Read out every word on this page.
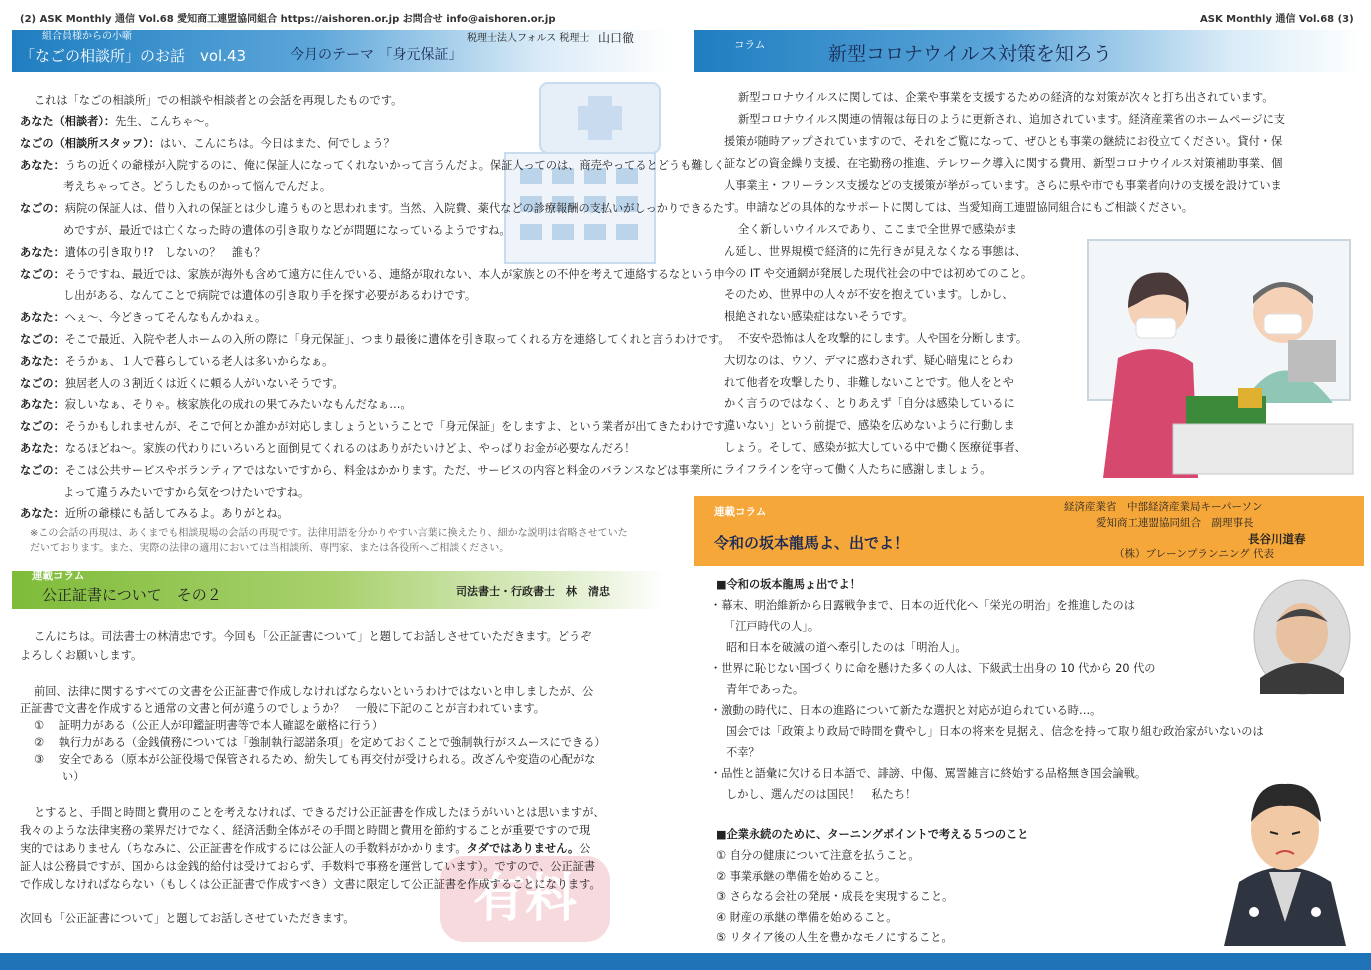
(2) ASK Monthly 通信 Vol.68 愛知商工連盟協同組合 https://aishoren.or.jp お問合せ info@aishoren.or.jp
組合員様からの小噺
「なごの相談所」のお話　vol.43	今月のテーマ 「身元保証」
税理士法人フォルス 税理士 山口徹
これは「なごの相談所」での相談や相談者との会話を再現したものです。
あなた（相談者）：先生、こんちゃ〜。
なごの（相談所スタッフ）：はい、こんにちは。今日はまた、何でしょう？
あなた：うちの近くの爺様が入院するのに、俺に保証人になってくれないかって言うんだよ。保証人ってのは、商売やってるとどうも難しく
考えちゃってさ。どうしたものかって悩んでんだよ。
なごの：病院の保証人は、借り入れの保証とは少し違うものと思われます。当然、入院費、薬代などの診療報酬の支払いがしっかりできるた
めですが、最近では亡くなった時の遺体の引き取りなどが問題になっているようですね。
あなた：遺体の引き取り!?　しないの？　誰も？
なごの：そうですね、最近では、家族が海外も含めて遠方に住んでいる、連絡が取れない、本人が家族との不仲を考えて連絡するなという申
し出がある、なんてことで病院では遺体の引き取り手を探す必要があるわけです。
あなた：へぇ〜、今どきってそんなもんかねぇ。
なごの：そこで最近、入院や老人ホームの入所の際に「身元保証」、つまり最後に遺体を引き取ってくれる方を連絡してくれと言うわけです。
あなた：そうかぁ、１人で暮らしている老人は多いからなぁ。
なごの：独居老人の３割近くは近くに頼る人がいないそうです。
あなた：寂しいなぁ、そりゃ。核家族化の成れの果てみたいなもんだなぁ…。
なごの：そうかもしれませんが、そこで何とか誰かが対応しましょうということで「身元保証」をしますよ、という業者が出てきたわけです。
あなた：なるほどね〜。家族の代わりにいろいろと面倒見てくれるのはありがたいけどよ、やっぱりお金が必要なんだろ！
なごの：そこは公共サービスやボランティアではないですから、料金はかかります。ただ、サービスの内容と料金のバランスなどは事業所に
よって違うみたいですから気をつけたいですね。
あなた：近所の爺様にも話してみるよ。ありがとね。
※この会話の再現は、あくまでも相談現場の会話の再現です。法律用語を分かりやすい言葉に換えたり、細かな説明は省略させていた
だいております。また、実際の法律の適用においては当相談所、専門家、または各役所へご相談ください。
連載コラム
公正証書について　その２	司法書士・行政書士　林　清忠
こんにちは。司法書士の林清忠です。今回も「公正証書について」と題してお話しさせていただきます。どうぞ
よろしくお願いします。
前回、法律に関するすべての文書を公正証書で作成しなければならないというわけではないと申しましたが、公
正証書で文書を作成すると通常の文書と何が違うのでしょうか？　一般に下記のことが言われています。
①　 証明力がある（公正人が印鑑証明書等で本人確認を厳格に行う）
②　 執行力がある（金銭債務については「強制執行認諾条項」を定めておくことで強制執行がスムースにできる）
③　 安全である（原本が公証役場で保管されるため、紛失しても再交付が受けられる。改ざんや変造の心配がな
い）
有料
とすると、手間と時間と費用のことを考えなければ、できるだけ公正証書を作成したほうがいいとは思いますが、
我々のような法律実務の業界だけでなく、経済活動全体がその手間と時間と費用を節約することが重要ですので現
実的ではありません（ちなみに、公正証書を作成するには公証人の手数料がかかります。タダではありません。公
証人は公務員ですが、国からは金銭的給付は受けておらず、手数料で事務を運営しています）。ですので、公正証書
で作成しなければならない（もしくは公正証書で作成すべき）文書に限定して公正証書を作成することになります。
次回も「公正証書について」と題してお話しさせていただきます。
ASK Monthly 通信 Vol.68 (3)
コラム	新型コロナウイルス対策を知ろう
新型コロナウイルスに関しては、企業や事業を支援するための経済的な対策が次々と打ち出されています。
新型コロナウイルス関連の情報は毎日のように更新され、追加されています。経済産業省のホームページに支
援策が随時アップされていますので、それをご覧になって、ぜひとも事業の継続にお役立てください。貸付・保
証などの資金繰り支援、在宅勤務の推進、テレワーク導入に関する費用、新型コロナウイルス対策補助事業、個
人事業主・フリーランス支援などの支援策が挙がっています。さらに県や市でも事業者向けの支援を設けていま
す。申請などの具体的なサポートに関しては、当愛知商工連盟協同組合にもご相談ください。
全く新しいウイルスであり、ここまで全世界で感染がま
ん延し、世界規模で経済的に先行きが見えなくなる事態は、
今の IT や交通網が発展した現代社会の中では初めてのこと。
そのため、世界中の人々が不安を抱えています。しかし、
根絶されない感染症はないそうです。
不安や恐怖は人を攻撃的にします。人や国を分断します。
大切なのは、ウソ、デマに惑わされず、疑心暗鬼にとらわ
れて他者を攻撃したり、非難しないことです。他人をとや
かく言うのではなく、とりあえず「自分は感染しているに
違いない」という前提で、感染を広めないように行動しま
しょう。そして、感染が拡大している中で働く医療従事者、
ライフラインを守って働く人たちに感謝しましょう。
連載コラム
令和の坂本龍馬よ、出でよ！
経済産業省　中部経済産業局キーパーソン
愛知商工連盟協同組合　副理事長
長谷川道春
（株）ブレーンプランニング 代表
■令和の坂本龍馬ょ出でよ！
・幕末、明治維新から日露戦争まで、日本の近代化へ「栄光の明治」を推進したのは
「江戸時代の人」。
昭和日本を破滅の道へ牽引したのは「明治人」。
・世界に恥じない国づくりに命を懸けた多くの人は、下級武士出身の 10 代から 20 代の
青年であった。
・激動の時代に、日本の進路について新たな選択と対応が迫られている時…。
国会では「政策より政局で時間を費やし」日本の将来を見据え、信念を持って取り組む政治家がいないのは
不幸？
・品性と語彙に欠ける日本語で、誹謗、中傷、罵詈雑言に終始する品格無き国会論戦。
しかし、選んだのは国民！　私たち！
■企業永続のために、ターニングポイントで考える５つのこと
① 自分の健康について注意を払うこと。
② 事業承継の準備を始めること。
③ さらなる会社の発展・成長を実現すること。
④ 財産の承継の準備を始めること。
⑤ リタイア後の人生を豊かなモノにすること。
